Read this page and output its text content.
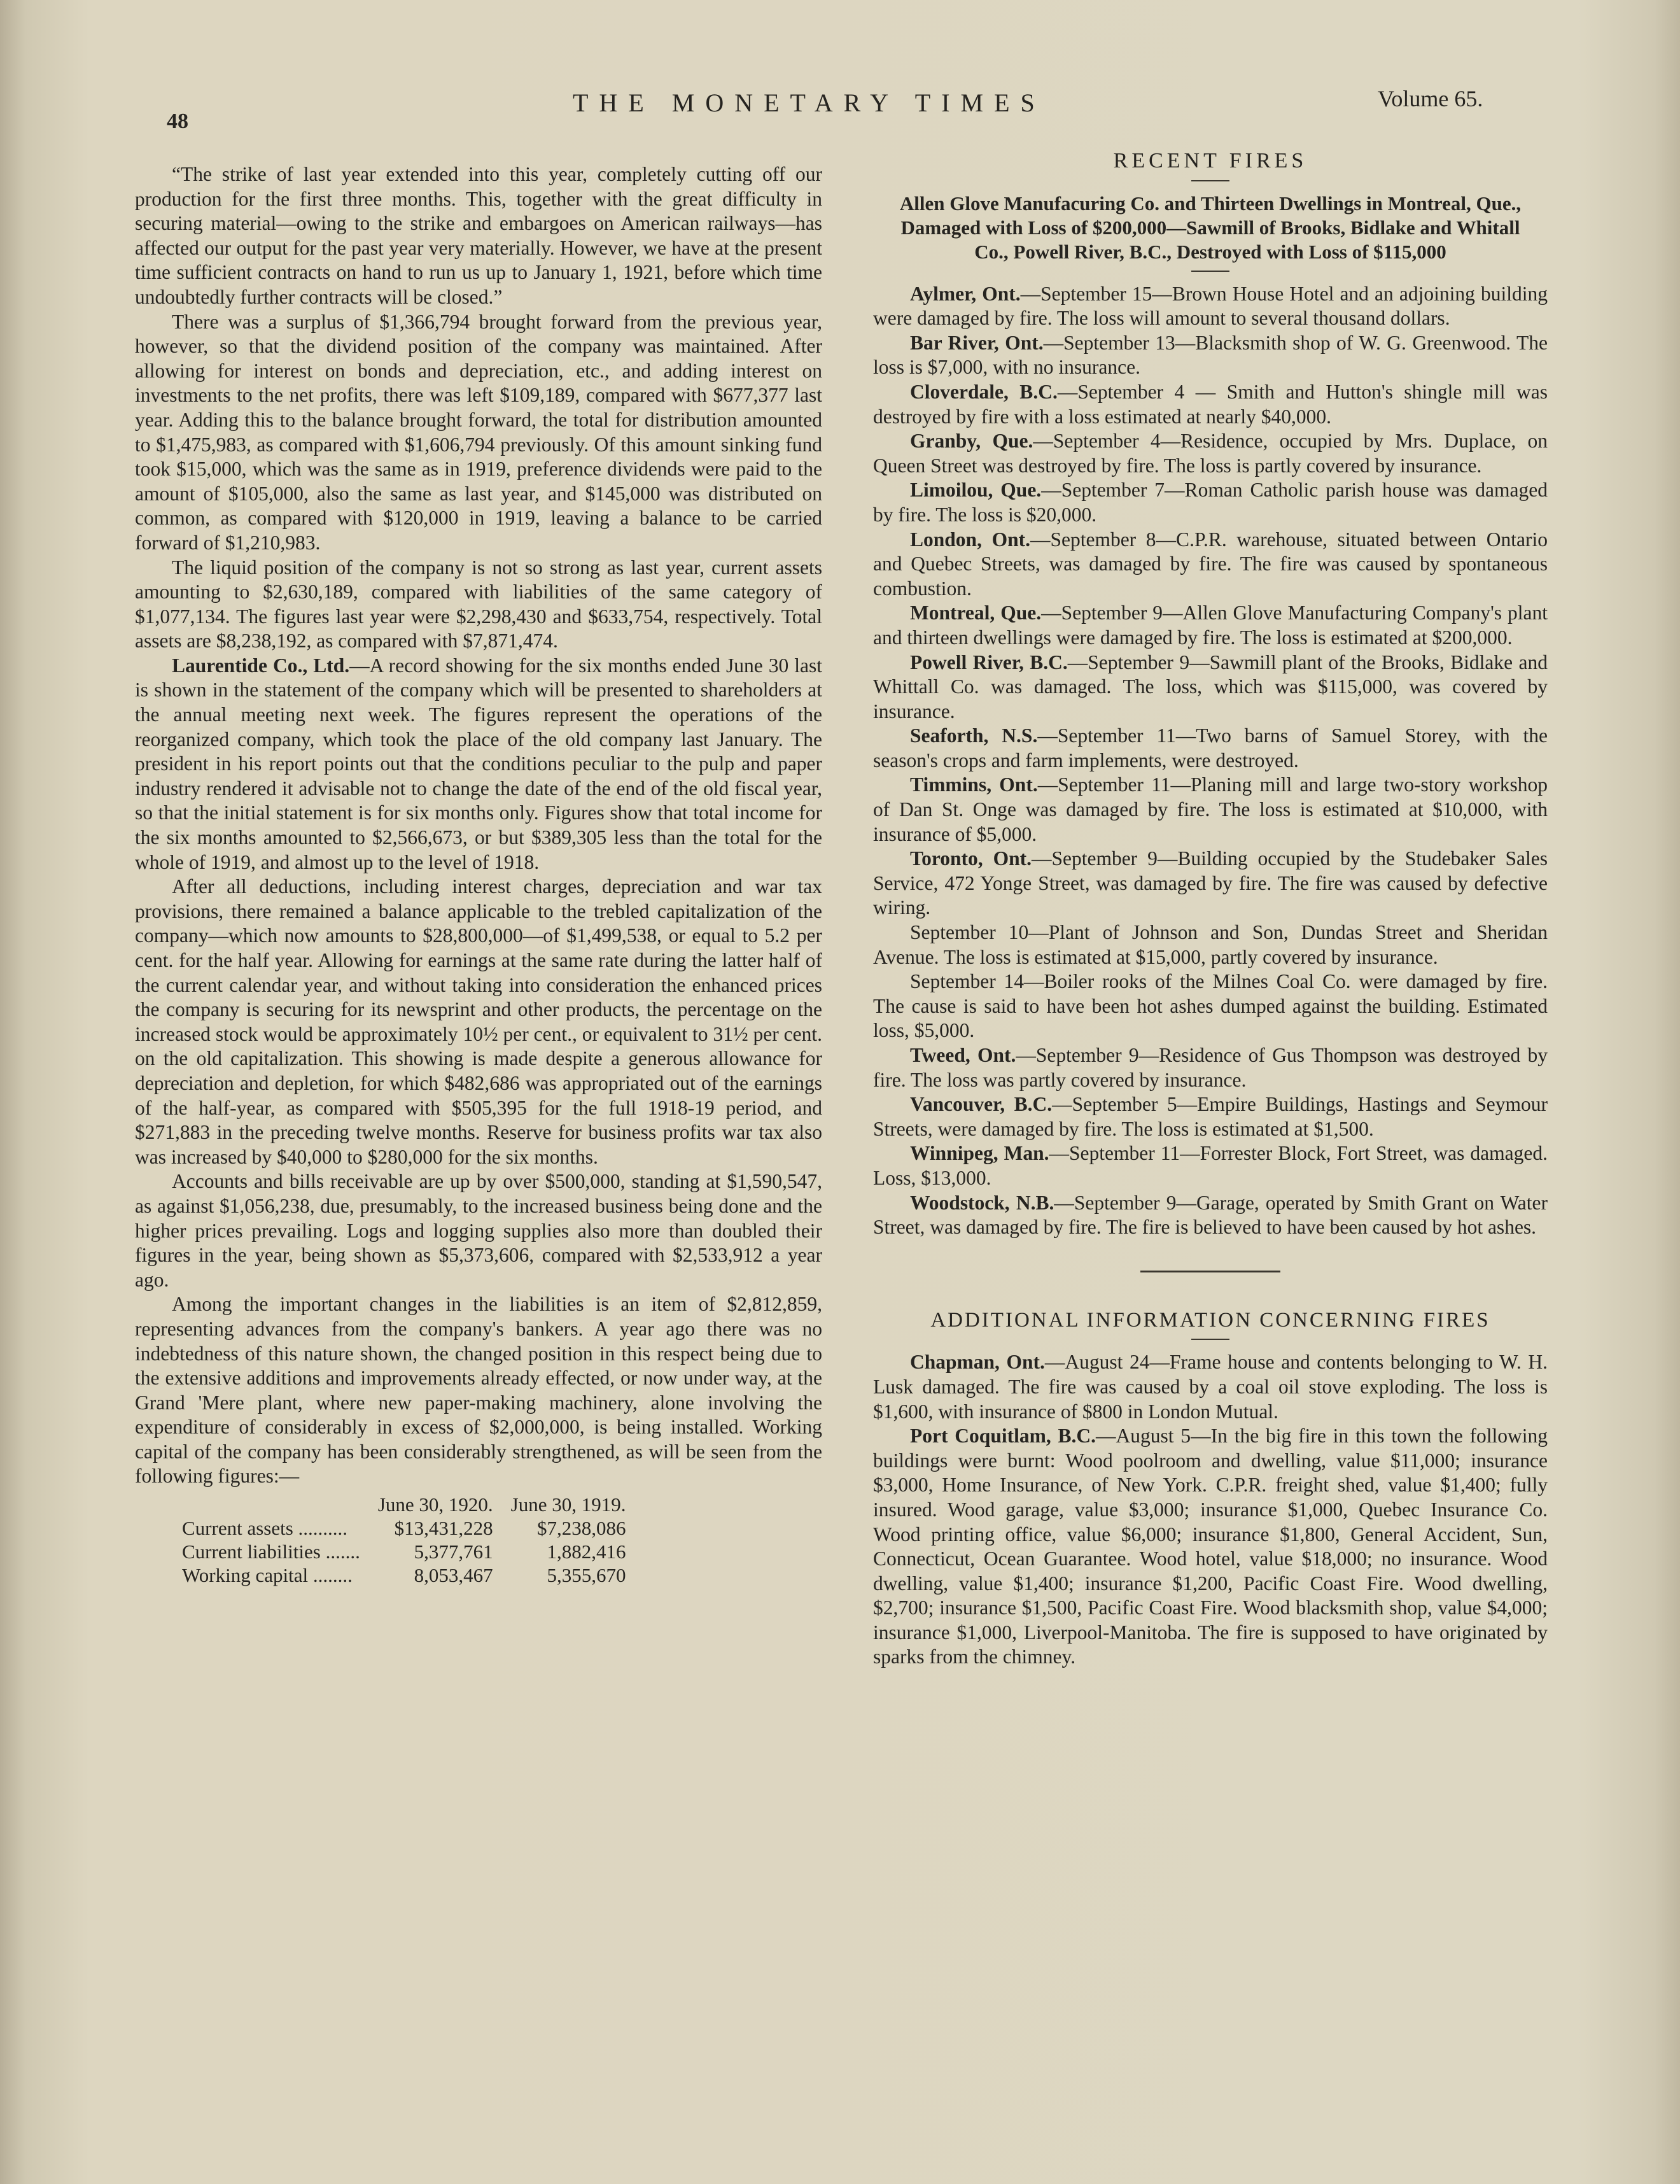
48
THE MONETARY TIMES	Volume 65.

“The strike of last year extended into this year, completely cutting off our production for the first three months. This, together with the great difficulty in securing material—owing to the strike and embargoes on American railways—has affected our output for the past year very materially. However, we have at the present time sufficient contracts on hand to run us up to January 1, 1921, before which time undoubtedly further contracts will be closed.”

There was a surplus of $1,366,794 brought forward from the previous year, however, so that the dividend position of the company was maintained. After allowing for interest on bonds and depreciation, etc., and adding interest on investments to the net profits, there was left $109,189, compared with $677,377 last year. Adding this to the balance brought forward, the total for distribution amounted to $1,475,983, as compared with $1,606,794 previously. Of this amount sinking fund took $15,000, which was the same as in 1919, preference dividends were paid to the amount of $105,000, also the same as last year, and $145,000 was distributed on common, as compared with $120,000 in 1919, leaving a balance to be carried forward of $1,210,983.

The liquid position of the company is not so strong as last year, current assets amounting to $2,630,189, compared with liabilities of the same category of $1,077,134. The figures last year were $2,298,430 and $633,754, respectively. Total assets are $8,238,192, as compared with $7,871,474.

Laurentide Co., Ltd.—A record showing for the six months ended June 30 last is shown in the statement of the company which will be presented to shareholders at the annual meeting next week. The figures represent the operations of the reorganized company, which took the place of the old company last January. The president in his report points out that the conditions peculiar to the pulp and paper industry rendered it advisable not to change the date of the end of the old fiscal year, so that the initial statement is for six months only. Figures show that total income for the six months amounted to $2,566,673, or but $389,305 less than the total for the whole of 1919, and almost up to the level of 1918.

After all deductions, including interest charges, depreciation and war tax provisions, there remained a balance applicable to the trebled capitalization of the company—which now amounts to $28,800,000—of $1,499,538, or equal to 5.2 per cent. for the half year. Allowing for earnings at the same rate during the latter half of the current calendar year, and without taking into consideration the enhanced prices the company is securing for its newsprint and other products, the percentage on the increased stock would be approximately 10½ per cent., or equivalent to 31½ per cent. on the old capitalization. This showing is made despite a generous allowance for depreciation and depletion, for which $482,686 was appropriated out of the earnings of the half-year, as compared with $505,395 for the full 1918-19 period, and $271,883 in the preceding twelve months. Reserve for business profits war tax also was increased by $40,000 to $280,000 for the six months.

Accounts and bills receivable are up by over $500,000, standing at $1,590,547, as against $1,056,238, due, presumably, to the increased business being done and the higher prices prevailing. Logs and logging supplies also more than doubled their figures in the year, being shown as $5,373,606, compared with $2,533,912 a year ago.

Among the important changes in the liabilities is an item of $2,812,859, representing advances from the company's bankers. A year ago there was no indebtedness of this nature shown, the changed position in this respect being due to the extensive additions and improvements already effected, or now under way, at the Grand 'Mere plant, where new paper-making machinery, alone involving the expenditure of considerably in excess of $2,000,000, is being installed. Working capital of the company has been considerably strengthened, as will be seen from the following figures:—

	June 30, 1920.	June 30, 1919.
Current assets ..........	$13,431,228	$7,238,086
Current liabilities .......	5,377,761	1,882,416
Working capital ........	8,053,467	5,355,670
RECENT FIRES
Allen Glove Manufacuring Co. and Thirteen Dwellings in Montreal, Que., Damaged with Loss of $200,000—Sawmill of Brooks, Bidlake and Whitall Co., Powell River, B.C., Destroyed with Loss of $115,000

Aylmer, Ont.—September 15—Brown House Hotel and an adjoining building were damaged by fire. The loss will amount to several thousand dollars.

Bar River, Ont.—September 13—Blacksmith shop of W. G. Greenwood. The loss is $7,000, with no insurance.

Cloverdale, B.C.—September 4 — Smith and Hutton's shingle mill was destroyed by fire with a loss estimated at nearly $40,000.

Granby, Que.—September 4—Residence, occupied by Mrs. Duplace, on Queen Street was destroyed by fire. The loss is partly covered by insurance.

Limoilou, Que.—September 7—Roman Catholic parish house was damaged by fire. The loss is $20,000.

London, Ont.—September 8—C.P.R. warehouse, situated between Ontario and Quebec Streets, was damaged by fire. The fire was caused by spontaneous combustion.

Montreal, Que.—September 9—Allen Glove Manufacturing Company's plant and thirteen dwellings were damaged by fire. The loss is estimated at $200,000.

Powell River, B.C.—September 9—Sawmill plant of the Brooks, Bidlake and Whittall Co. was damaged. The loss, which was $115,000, was covered by insurance.

Seaforth, N.S.—September 11—Two barns of Samuel Storey, with the season's crops and farm implements, were destroyed.

Timmins, Ont.—September 11—Planing mill and large two-story workshop of Dan St. Onge was damaged by fire. The loss is estimated at $10,000, with insurance of $5,000.

Toronto, Ont.—September 9—Building occupied by the Studebaker Sales Service, 472 Yonge Street, was damaged by fire. The fire was caused by defective wiring.

September 10—Plant of Johnson and Son, Dundas Street and Sheridan Avenue. The loss is estimated at $15,000, partly covered by insurance.

September 14—Boiler rooks of the Milnes Coal Co. were damaged by fire. The cause is said to have been hot ashes dumped against the building. Estimated loss, $5,000.

Tweed, Ont.—September 9—Residence of Gus Thompson was destroyed by fire. The loss was partly covered by insurance.

Vancouver, B.C.—September 5—Empire Buildings, Hastings and Seymour Streets, were damaged by fire. The loss is estimated at $1,500.

Winnipeg, Man.—September 11—Forrester Block, Fort Street, was damaged. Loss, $13,000.

Woodstock, N.B.—September 9—Garage, operated by Smith Grant on Water Street, was damaged by fire. The fire is believed to have been caused by hot ashes.

ADDITIONAL INFORMATION CONCERNING FIRES

Chapman, Ont.—August 24—Frame house and contents belonging to W. H. Lusk damaged. The fire was caused by a coal oil stove exploding. The loss is $1,600, with insurance of $800 in London Mutual.

Port Coquitlam, B.C.—August 5—In the big fire in this town the following buildings were burnt: Wood poolroom and dwelling, value $11,000; insurance $3,000, Home Insurance, of New York. C.P.R. freight shed, value $1,400; fully insured. Wood garage, value $3,000; insurance $1,000, Quebec Insurance Co. Wood printing office, value $6,000; insurance $1,800, General Accident, Sun, Connecticut, Ocean Guarantee. Wood hotel, value $18,000; no insurance. Wood dwelling, value $1,400; insurance $1,200, Pacific Coast Fire. Wood dwelling, $2,700; insurance $1,500, Pacific Coast Fire. Wood blacksmith shop, value $4,000; insurance $1,000, Liverpool-Manitoba. The fire is supposed to have originated by sparks from the chimney.
